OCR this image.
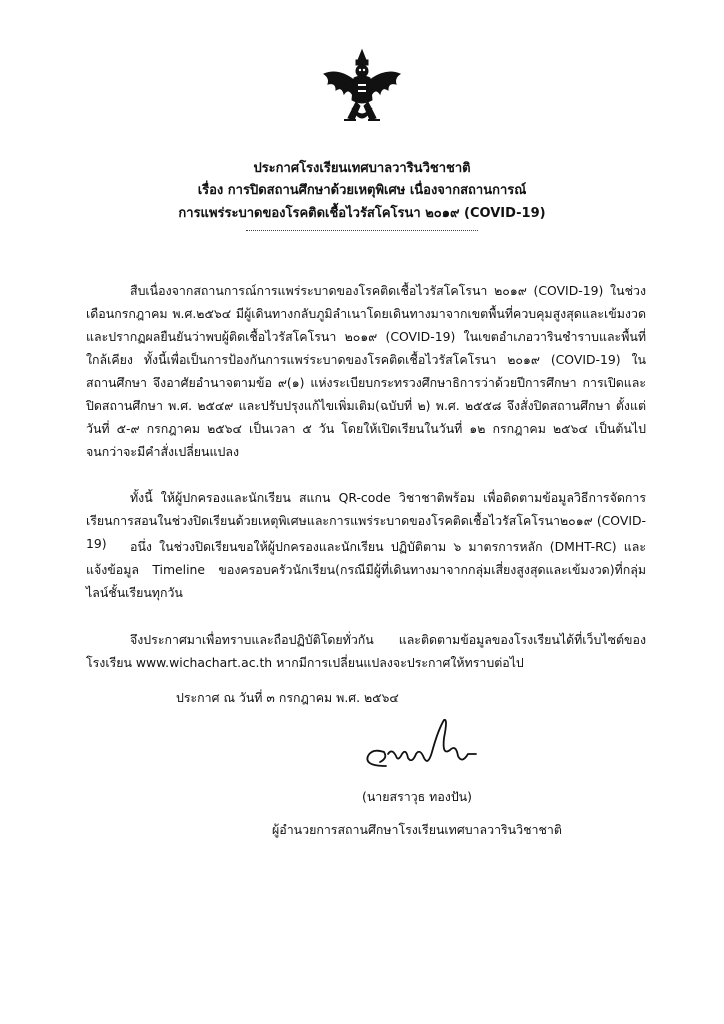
ประกาศโรงเรียนเทศบาลวารินวิชาชาติ
เรื่อง การปิดสถานศึกษาด้วยเหตุพิเศษ เนื่องจากสถานการณ์
การแพร่ระบาดของโรคติดเชื้อไวรัสโคโรนา ๒๐๑๙ (COVID-19)

สืบเนื่องจากสถานการณ์การแพร่ระบาดของโรคติดเชื้อไวรัสโคโรนา ๒๐๑๙ (COVID-19) ในช่วงเดือนกรกฎาคม พ.ศ.๒๕๖๔ มีผู้เดินทางกลับภูมิลำเนาโดยเดินทางมาจากเขตพื้นที่ควบคุมสูงสุดและเข้มงวด และปรากฏผลยืนยันว่าพบผู้ติดเชื้อไวรัสโคโรนา ๒๐๑๙ (COVID-19) ในเขตอำเภอวารินชำราบและพื้นที่ใกล้เคียง ทั้งนี้เพื่อเป็นการป้องกันการแพร่ระบาดของโรคติดเชื้อไวรัสโคโรนา ๒๐๑๙ (COVID-19) ในสถานศึกษา จึงอาศัยอำนาจตามข้อ ๙(๑) แห่งระเบียบกระทรวงศึกษาธิการว่าด้วยปีการศึกษา การเปิดและปิดสถานศึกษา พ.ศ. ๒๕๔๙ และปรับปรุงแก้ไขเพิ่มเติม(ฉบับที่ ๒) พ.ศ. ๒๕๕๘ จึงสั่งปิดสถานศึกษา ตั้งแต่วันที่ ๕-๙ กรกฎาคม ๒๕๖๔ เป็นเวลา ๕ วัน โดยให้เปิดเรียนในวันที่ ๑๒ กรกฎาคม ๒๕๖๔ เป็นต้นไป จนกว่าจะมีคำสั่งเปลี่ยนแปลง

ทั้งนี้ ให้ผู้ปกครองและนักเรียน สแกน QR-code วิชาชาติพร้อม เพื่อติดตามข้อมูลวิธีการจัดการเรียนการสอนในช่วงปิดเรียนด้วยเหตุพิเศษและการแพร่ระบาดของโรคติดเชื้อไวรัสโคโรนา๒๐๑๙ (COVID-19)	อนึ่ง ในช่วงปิดเรียนขอให้ผู้ปกครองและนักเรียน ปฏิบัติตาม ๖ มาตรการหลัก (DMHT-RC) และแจ้งข้อมูล Timeline ของครอบครัวนักเรียน(กรณีมีผู้ที่เดินทางมาจากกลุ่มเสี่ยงสูงสุดและเข้มงวด)ที่กลุ่มไลน์ชั้นเรียนทุกวัน

จึงประกาศมาเพื่อทราบและถือปฏิบัติโดยทั่วกัน และติดตามข้อมูลของโรงเรียนได้ที่เว็บไซต์ของโรงเรียน www.wichachart.ac.th หากมีการเปลี่ยนแปลงจะประกาศให้ทราบต่อไป

ประกาศ ณ วันที่ ๓ กรกฎาคม พ.ศ. ๒๕๖๔
(นายสราวุธ ทองปัน)
ผู้อำนวยการสถานศึกษาโรงเรียนเทศบาลวารินวิชาชาติ
